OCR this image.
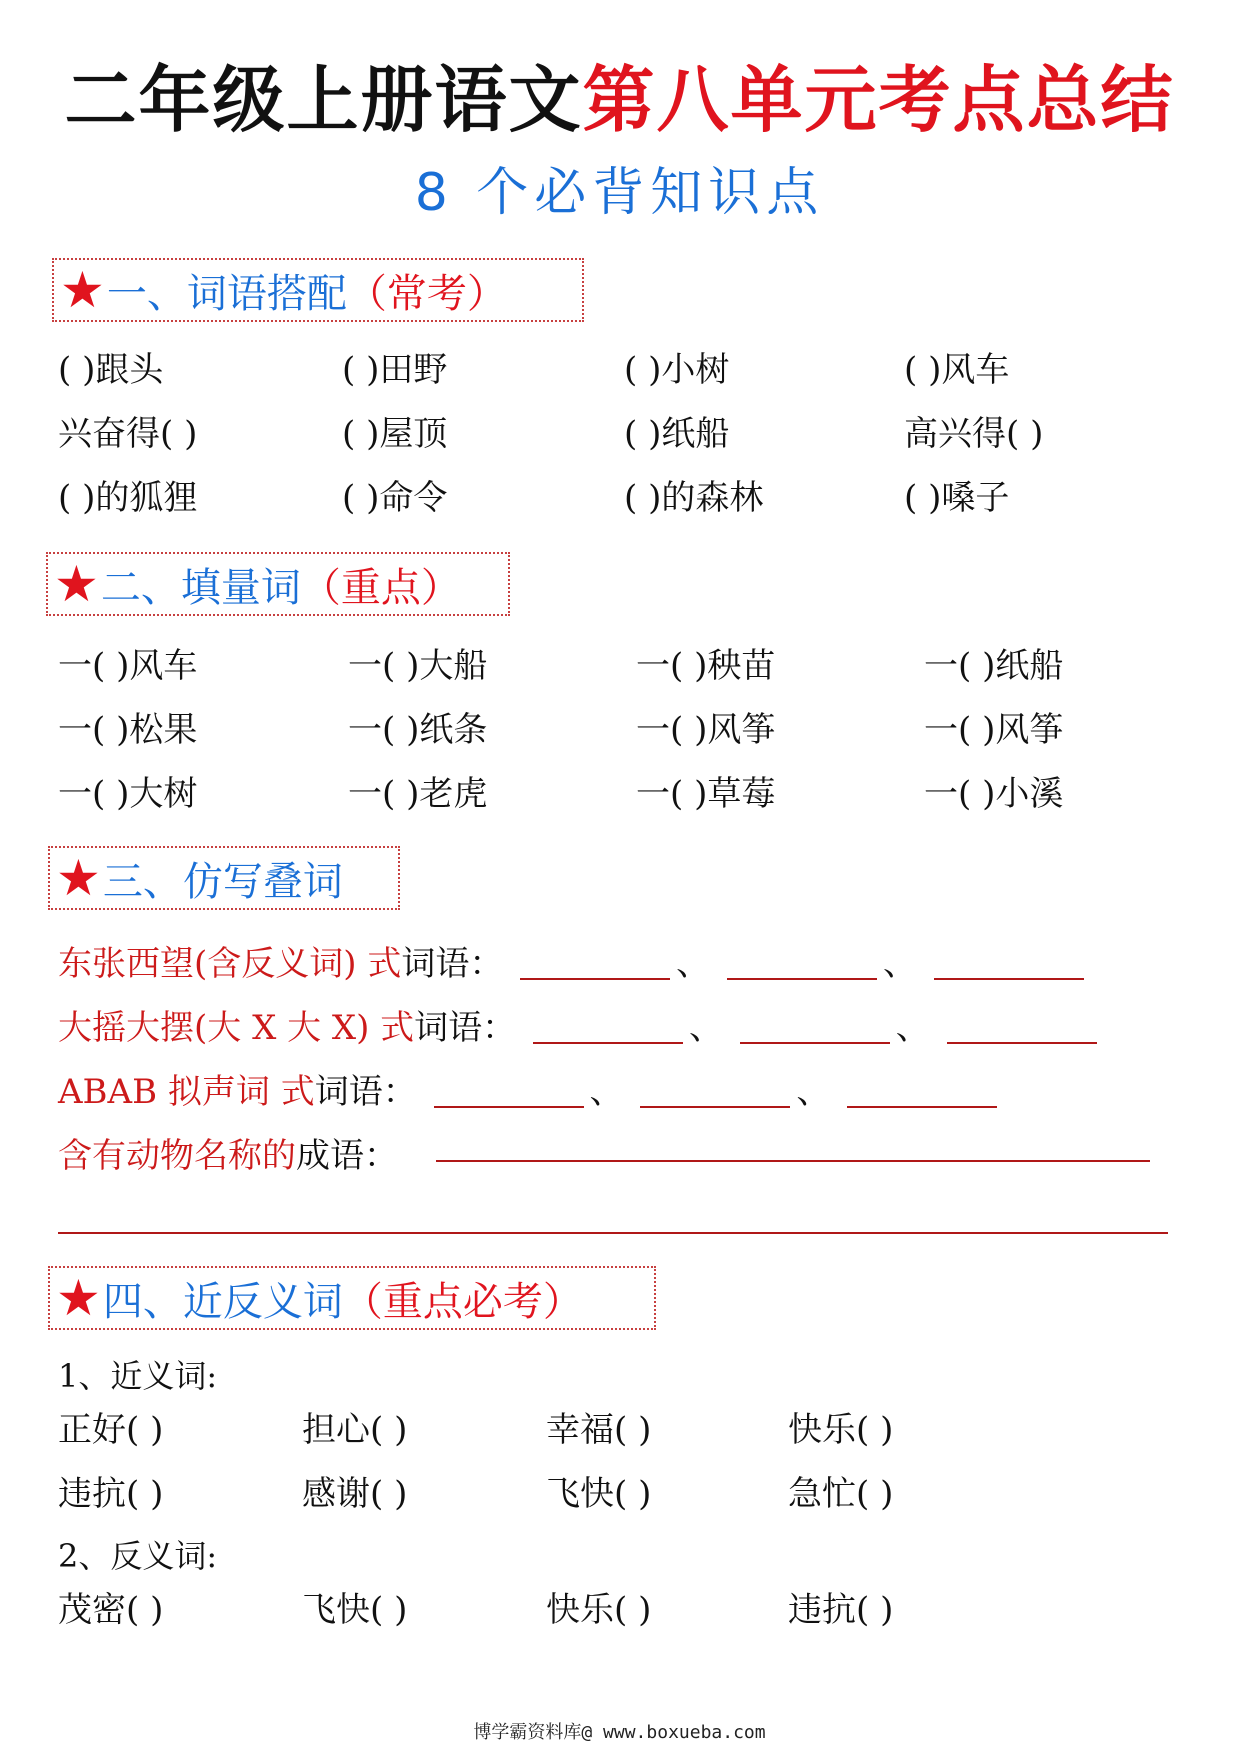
二年级上册语文第八单元考点总结
8 个必背知识点
★ 一、 词语搭配 （常考）
( )跟头	( )田野	( )小树	( )风车
兴奋得( )	( )屋顶	( )纸船	高兴得( )
( )的狐狸	( )命令	( )的森林	( )嗓子
★ 二、 填量词 （重点）
一( )风车	一( )大船	一( )秧苗	一( )纸船
一( )松果	一( )纸条	一( )风筝	一( )风筝
一( )大树	一( )老虎	一( )草莓	一( )小溪
★ 三、 仿写叠词
东张西望(含反义词) 式词语：	、	、
大摇大摆(大 X 大 X) 式词语：	、	、
ABAB 拟声词 式词语：	、	、
含有动物名称的成语：
★ 四、 近反义词 （重点必考）
1、近义词:
正好( )	担心( )	幸福( )	快乐( )
违抗( )	感谢( )	飞快( )	急忙( )
2、反义词:
茂密( )	飞快( )	快乐( )	违抗( )
博学霸资料库@ www.boxueba.com
